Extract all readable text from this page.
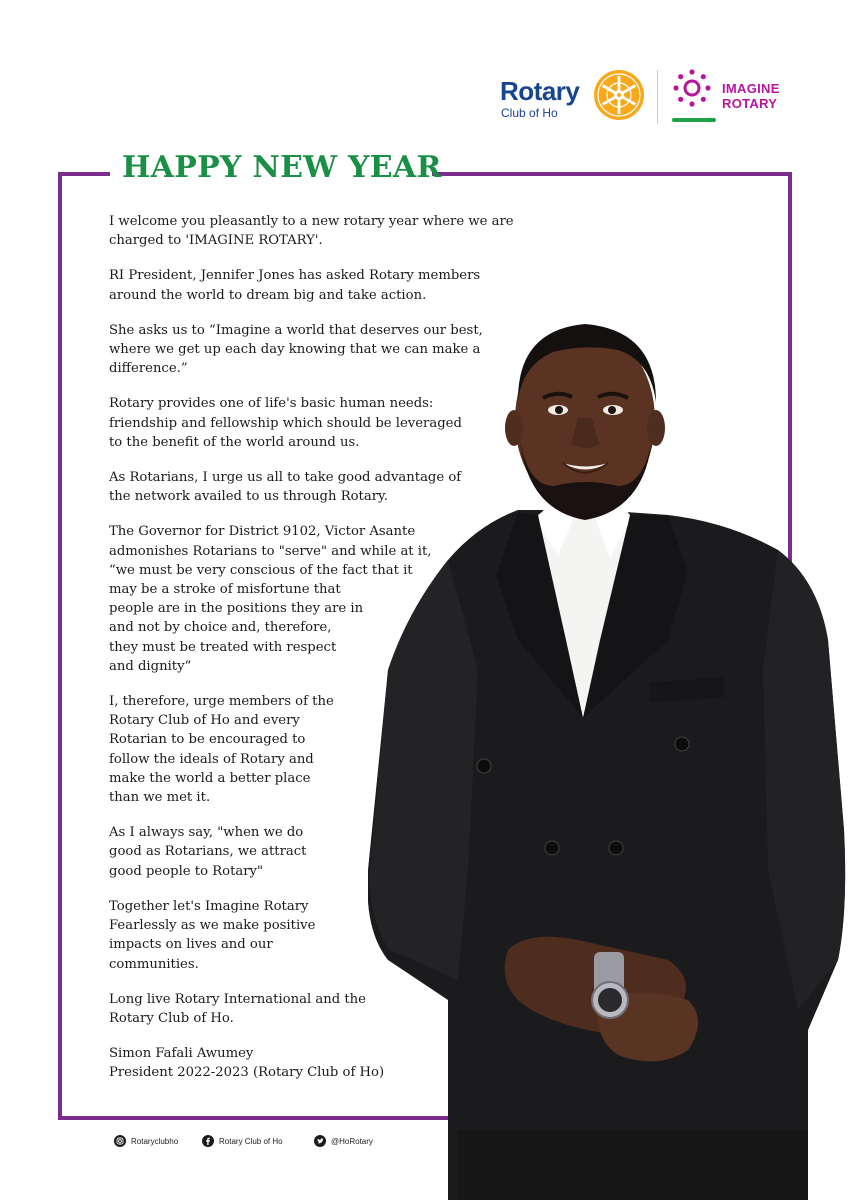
Rotary
Club of Ho
IMAGINE
ROTARY
HAPPY NEW YEAR

I welcome you pleasantly to a new rotary year where we are
charged to 'IMAGINE ROTARY'.

RI President, Jennifer Jones has asked Rotary members
around the world to dream big and take action.

She asks us to “Imagine a world that deserves our best,
where we get up each day knowing that we can make a
difference.”

Rotary provides one of life's basic human needs:
friendship and fellowship which should be leveraged
to the benefit of the world around us.

As Rotarians, I urge us all to take good advantage of
the network availed to us through Rotary.

The Governor for District 9102, Victor Asante
admonishes Rotarians to "serve" and while at it,
“we must be very conscious of the fact that it
may be a stroke of misfortune that
people are in the positions they are in
and not by choice and, therefore,
they must be treated with respect
and dignity“

I, therefore, urge members of the
Rotary Club of Ho and every
Rotarian to be encouraged to
follow the ideals of Rotary and
make the world a better place
than we met it.

As I always say, "when we do
good as Rotarians, we attract
good people to Rotary"

Together let's Imagine Rotary
Fearlessly as we make positive
impacts on lives and our
communities.

Long live Rotary International and the
Rotary Club of Ho.

Simon Fafali Awumey
President 2022-2023 (Rotary Club of Ho)
Rotaryclubho	Rotary Club of Ho	@HoRotary
